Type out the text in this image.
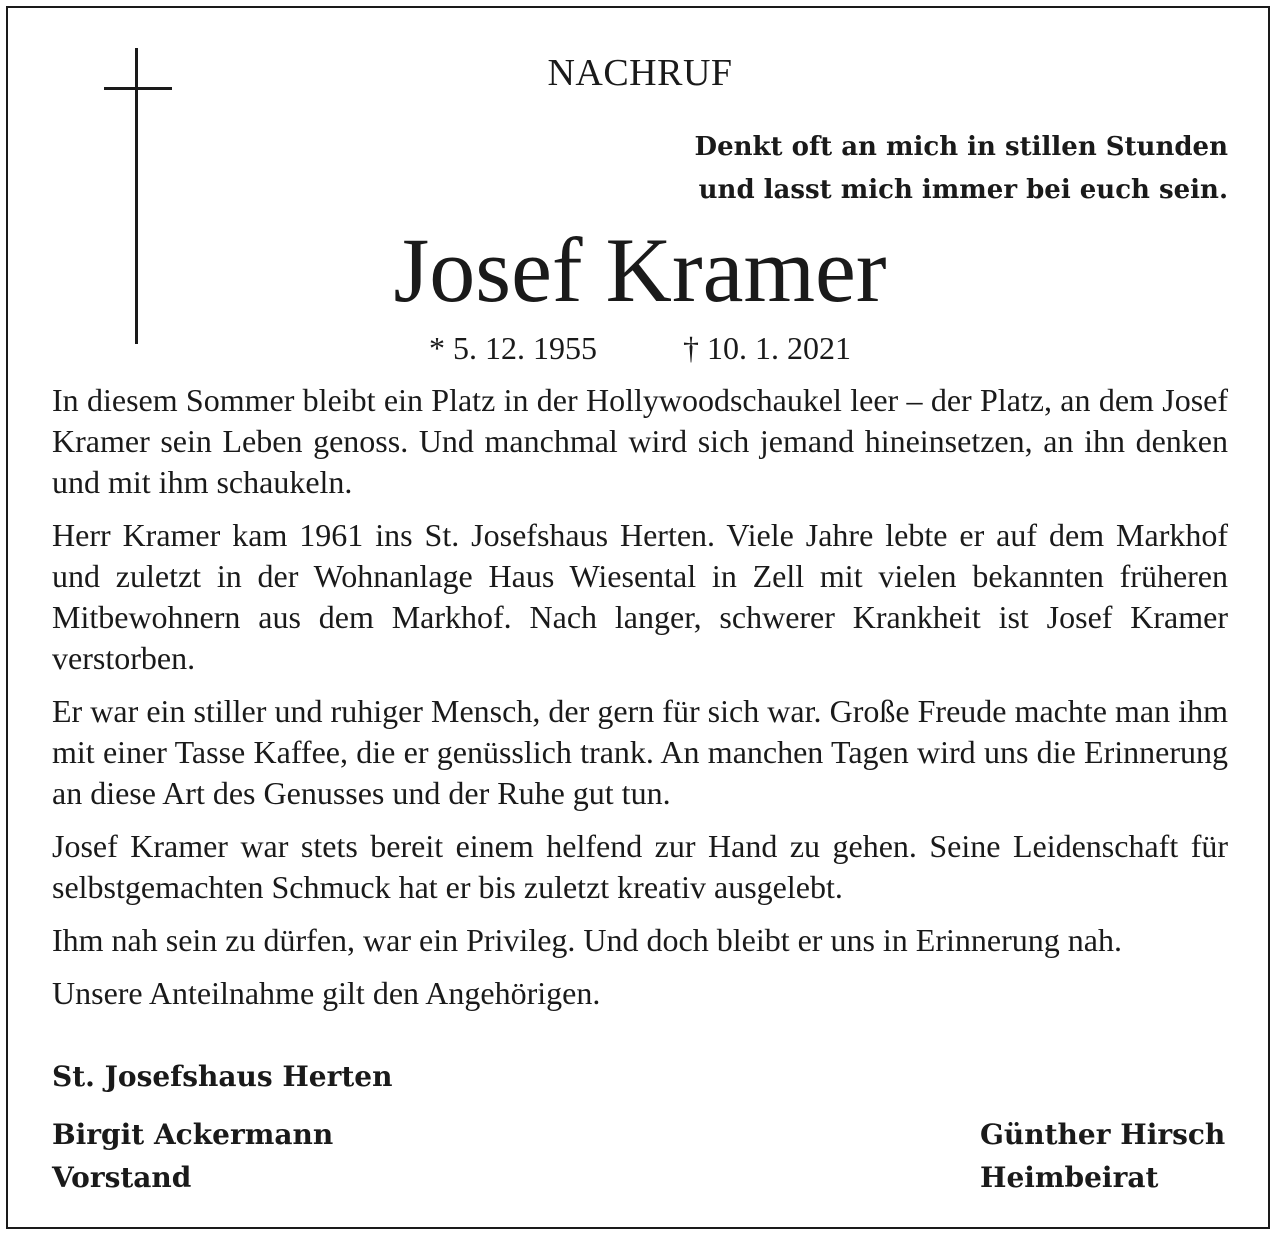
NACHRUF
Denkt oft an mich in stillen Stunden
und lasst mich immer bei euch sein.
Josef Kramer
* 5. 12. 1955	† 10. 1. 2021

In diesem Sommer bleibt ein Platz in der Hollywoodschaukel leer – der Platz, an dem Josef Kramer sein Leben genoss. Und manchmal wird sich jemand hineinsetzen, an ihn denken und mit ihm schaukeln.

Herr Kramer kam 1961 ins St. Josefshaus Herten. Viele Jahre lebte er auf dem Markhof und zuletzt in der Wohnanlage Haus Wiesental in Zell mit vielen bekannten früheren Mitbewohnern aus dem Markhof. Nach langer, schwerer Krankheit ist Josef Kramer verstorben.

Er war ein stiller und ruhiger Mensch, der gern für sich war. Große Freude machte man ihm mit einer Tasse Kaffee, die er genüsslich trank. An manchen Tagen wird uns die Erinnerung an diese Art des Genusses und der Ruhe gut tun.

Josef Kramer war stets bereit einem helfend zur Hand zu gehen. Seine Leidenschaft für selbstgemachten Schmuck hat er bis zuletzt kreativ ausgelebt.

Ihm nah sein zu dürfen, war ein Privileg. Und doch bleibt er uns in Erinnerung nah.

Unsere Anteilnahme gilt den Angehörigen.

St. Josefshaus Herten
Birgit Ackermann
Vorstand
Günther Hirsch
Heimbeirat
